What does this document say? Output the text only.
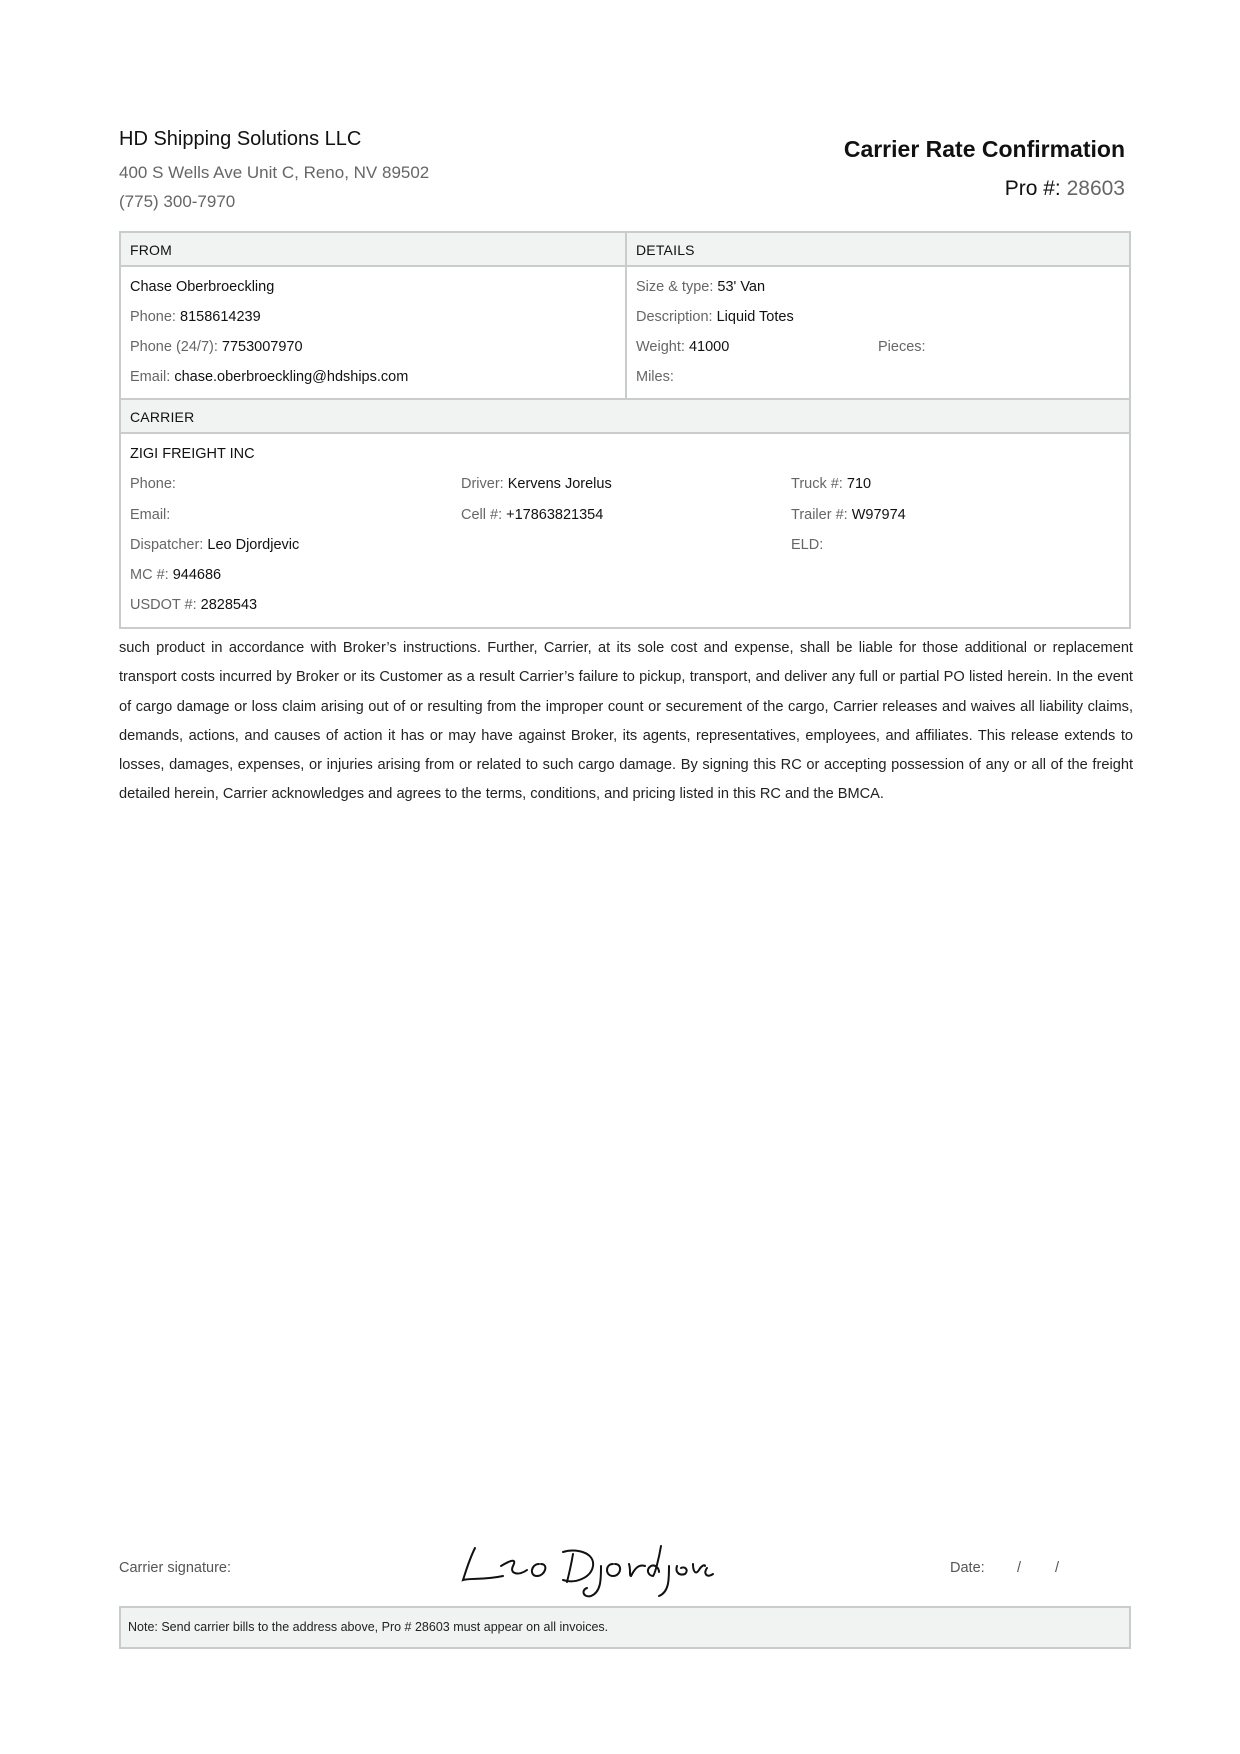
HD Shipping Solutions LLC
400 S Wells Ave Unit C, Reno, NV 89502
(775) 300-7970
Carrier Rate Confirmation
Pro #: 28603
FROM
Chase Oberbroeckling
Phone: 8158614239
Phone (24/7): 7753007970
Email: chase.oberbroeckling@hdships.com
DETAILS
Size & type: 53' Van
Description: Liquid Totes
Weight: 41000	Pieces:
Miles:
CARRIER
ZIGI FREIGHT INC
Phone:
Email:
Dispatcher: Leo Djordjevic
MC #: 944686
USDOT #: 2828543
Driver: Kervens Jorelus
Cell #: +17863821354
Truck #: 710
Trailer #: W97974
ELD:
such product in accordance with Broker’s instructions. Further, Carrier, at its sole cost and expense, shall be liable for those additional or replacement transport costs incurred by Broker or its Customer as a result Carrier’s failure to pickup, transport, and deliver any full or partial PO listed herein. In the event of cargo damage or loss claim arising out of or resulting from the improper count or securement of the cargo, Carrier releases and waives all liability claims, demands, actions, and causes of action it has or may have against Broker, its agents, representatives, employees, and affiliates. This release extends to losses, damages, expenses, or injuries arising from or related to such cargo damage. By signing this RC or accepting possession of any or all of the freight detailed herein, Carrier acknowledges and agrees to the terms, conditions, and pricing listed in this RC and the BMCA.
Carrier signature:
Leo Djordjevic
Date: / /
Note: Send carrier bills to the address above, Pro # 28603 must appear on all invoices.
